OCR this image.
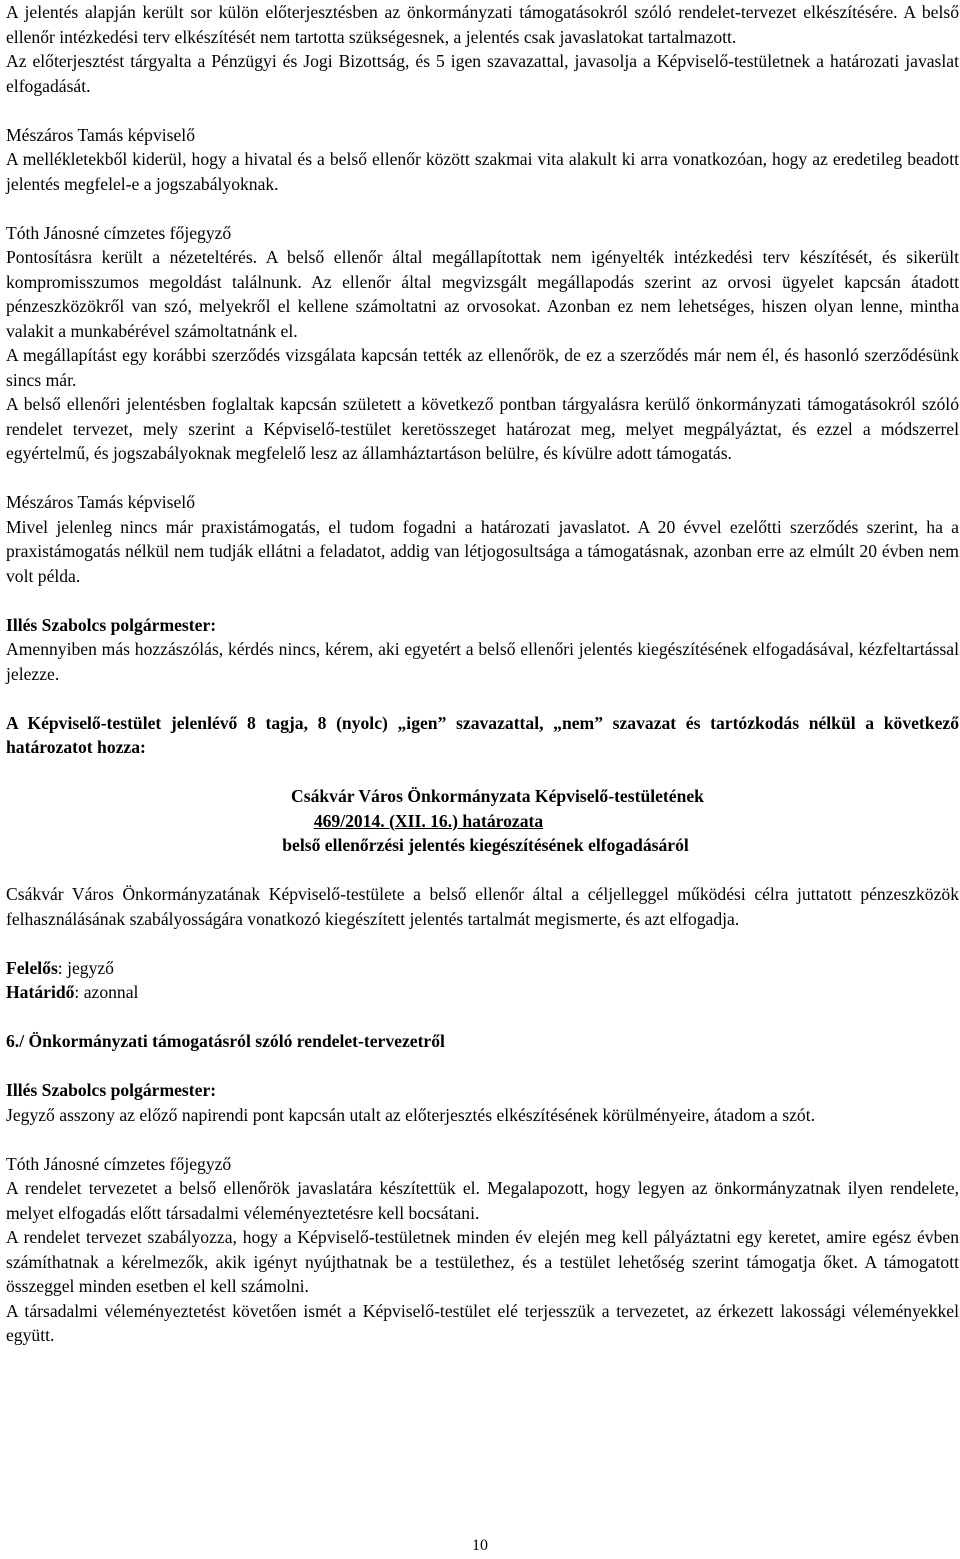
A jelentés alapján került sor külön előterjesztésben az önkormányzati támogatásokról szóló rendelet-tervezet elkészítésére. A belső ellenőr intézkedési terv elkészítését nem tartotta szükségesnek, a jelentés csak javaslatokat tartalmazott.

Az előterjesztést tárgyalta a Pénzügyi és Jogi Bizottság, és 5 igen szavazattal, javasolja a Képviselő-testületnek a határozati javaslat elfogadását.

Mészáros Tamás képviselő

A mellékletekből kiderül, hogy a hivatal és a belső ellenőr között szakmai vita alakult ki arra vonatkozóan, hogy az eredetileg beadott jelentés megfelel-e a jogszabályoknak.

Tóth Jánosné címzetes főjegyző

Pontosításra került a nézeteltérés. A belső ellenőr által megállapítottak nem igényelték intézkedési terv készítését, és sikerült kompromisszumos megoldást találnunk. Az ellenőr által megvizsgált megállapodás szerint az orvosi ügyelet kapcsán átadott pénzeszközökről van szó, melyekről el kellene számoltatni az orvosokat. Azonban ez nem lehetséges, hiszen olyan lenne, mintha valakit a munkabérével számoltatnánk el.

A megállapítást egy korábbi szerződés vizsgálata kapcsán tették az ellenőrök, de ez a szerződés már nem él, és hasonló szerződésünk sincs már.

A belső ellenőri jelentésben foglaltak kapcsán született a következő pontban tárgyalásra kerülő önkormányzati támogatásokról szóló rendelet tervezet, mely szerint a Képviselő-testület keretösszeget határozat meg, melyet megpályáztat, és ezzel a módszerrel egyértelmű, és jogszabályoknak megfelelő lesz az államháztartáson belülre, és kívülre adott támogatás.

Mészáros Tamás képviselő

Mivel jelenleg nincs már praxistámogatás, el tudom fogadni a határozati javaslatot. A 20 évvel ezelőtti szerződés szerint, ha a praxistámogatás nélkül nem tudják ellátni a feladatot, addig van létjogosultsága a támogatásnak, azonban erre az elmúlt 20 évben nem volt példa.

Illés Szabolcs polgármester:

Amennyiben más hozzászólás, kérdés nincs, kérem, aki egyetért a belső ellenőri jelentés kiegészítésének elfogadásával, kézfeltartással jelezze.

A Képviselő-testület jelenlévő 8 tagja, 8 (nyolc) „igen” szavazattal, „nem” szavazat és tartózkodás nélkül a következő határozatot hozza:

Csákvár Város Önkormányzata Képviselő-testületének

469/2014. (XII. 16.) határozata

belső ellenőrzési jelentés kiegészítésének elfogadásáról

Csákvár Város Önkormányzatának Képviselő-testülete a belső ellenőr által a céljelleggel működési célra juttatott pénzeszközök felhasználásának szabályosságára vonatkozó kiegészített jelentés tartalmát megismerte, és azt elfogadja.

Felelős: jegyző

Határidő: azonnal

6./ Önkormányzati támogatásról szóló rendelet-tervezetről

Illés Szabolcs polgármester:

Jegyző asszony az előző napirendi pont kapcsán utalt az előterjesztés elkészítésének körülményeire, átadom a szót.

Tóth Jánosné címzetes főjegyző

A rendelet tervezetet a belső ellenőrök javaslatára készítettük el. Megalapozott, hogy legyen az önkormányzatnak ilyen rendelete, melyet elfogadás előtt társadalmi véleményeztetésre kell bocsátani.

A rendelet tervezet szabályozza, hogy a Képviselő-testületnek minden év elején meg kell pályáztatni egy keretet, amire egész évben számíthatnak a kérelmezők, akik igényt nyújthatnak be a testülethez, és a testület lehetőség szerint támogatja őket. A támogatott összeggel minden esetben el kell számolni.

A társadalmi véleményeztetést követően ismét a Képviselő-testület elé terjesszük a tervezetet, az érkezett lakossági véleményekkel együtt.

10
